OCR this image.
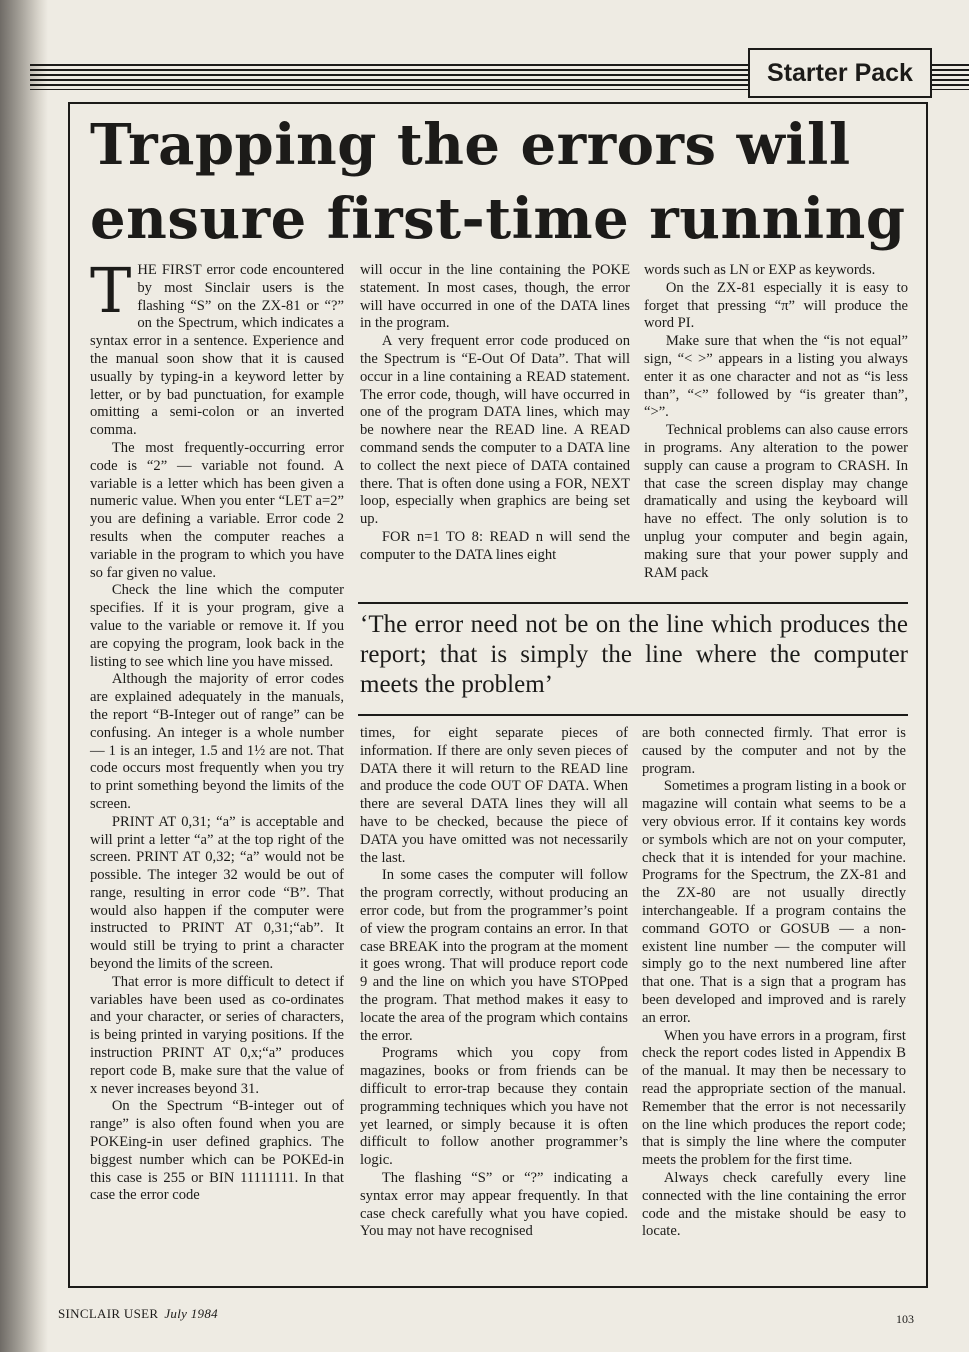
Starter Pack
Trapping the errors will ensure first-time running

THE FIRST error code encountered by most Sinclair users is the flashing “S” on the ZX-81 or “?” on the Spectrum, which indicates a syntax error in a sentence. Experience and the manual soon show that it is caused usually by typing-in a keyword letter by letter, or by bad punctuation, for example omitting a semi-colon or an inverted comma.

The most frequently-occurring error code is “2” — variable not found. A variable is a letter which has been given a numeric value. When you enter “LET a=2” you are defining a variable. Error code 2 results when the computer reaches a variable in the program to which you have so far given no value.

Check the line which the computer specifies. If it is your program, give a value to the variable or remove it. If you are copying the program, look back in the listing to see which line you have missed.

Although the majority of error codes are explained adequately in the manuals, the report “B-Integer out of range” can be confusing. An integer is a whole number — 1 is an integer, 1.5 and 1½ are not. That code occurs most frequently when you try to print something beyond the limits of the screen.

PRINT AT 0,31; “a” is acceptable and will print a letter “a” at the top right of the screen. PRINT AT 0,32; “a” would not be possible. The integer 32 would be out of range, resulting in error code “B”. That would also happen if the computer were instructed to PRINT AT 0,31;“ab”. It would still be trying to print a character beyond the limits of the screen.

That error is more difficult to detect if variables have been used as co-ordinates and your character, or series of characters, is being printed in varying positions. If the instruction PRINT AT 0,x;“a” produces report code B, make sure that the value of x never increases beyond 31.

On the Spectrum “B-integer out of range” is also often found when you are POKEing-in user defined graphics. The biggest number which can be POKEd-in this case is 255 or BIN 11111111. In that case the error code

will occur in the line containing the POKE statement. In most cases, though, the error will have occurred in one of the DATA lines in the program.

A very frequent error code produced on the Spectrum is “E-Out Of Data”. That will occur in a line containing a READ statement. The error code, though, will have occurred in one of the program DATA lines, which may be nowhere near the READ line. A READ command sends the computer to a DATA line to collect the next piece of DATA contained there. That is often done using a FOR, NEXT loop, especially when graphics are being set up.

FOR n=1 TO 8: READ n will send the computer to the DATA lines eight

words such as LN or EXP as keywords.

On the ZX-81 especially it is easy to forget that pressing “π” will produce the word PI.

Make sure that when the “is not equal” sign, “< >” appears in a listing you always enter it as one character and not as “is less than”, “<” followed by “is greater than”, “>”.

Technical problems can also cause errors in programs. Any alteration to the power supply can cause a program to CRASH. In that case the screen display may change dramatically and using the keyboard will have no effect. The only solution is to unplug your computer and begin again, making sure that your power supply and RAM pack

‘The error need not be on the line which produces the report; that is simply the line where the computer meets the problem’

times, for eight separate pieces of information. If there are only seven pieces of DATA there it will return to the READ line and produce the code OUT OF DATA. When there are several DATA lines they will all have to be checked, because the piece of DATA you have omitted was not necessarily the last.

In some cases the computer will follow the program correctly, without producing an error code, but from the programmer’s point of view the program contains an error. In that case BREAK into the program at the moment it goes wrong. That will produce report code 9 and the line on which you have STOPped the program. That method makes it easy to locate the area of the program which contains the error.

Programs which you copy from magazines, books or from friends can be difficult to error-trap because they contain programming techniques which you have not yet learned, or simply because it is often difficult to follow another programmer’s logic.

The flashing “S” or “?” indicating a syntax error may appear frequently. In that case check carefully what you have copied. You may not have recognised

are both connected firmly. That error is caused by the computer and not by the program.

Sometimes a program listing in a book or magazine will contain what seems to be a very obvious error. If it contains key words or symbols which are not on your computer, check that it is intended for your machine. Programs for the Spectrum, the ZX-81 and the ZX-80 are not usually directly interchangeable. If a program contains the command GOTO or GOSUB — a non-existent line number — the computer will simply go to the next numbered line after that one. That is a sign that a program has been developed and improved and is rarely an error.

When you have errors in a program, first check the report codes listed in Appendix B of the manual. It may then be necessary to read the appropriate section of the manual. Remember that the error is not necessarily on the line which produces the report code; that is simply the line where the computer meets the problem for the first time.

Always check carefully every line connected with the line containing the error code and the mistake should be easy to locate.

SINCLAIR USER July 1984	103
